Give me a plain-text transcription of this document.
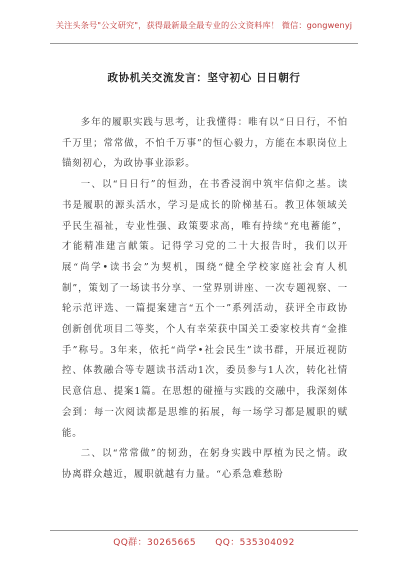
关注头条号"公文研究"，获得最新最全最专业的公文资料库！ 微信：gongwenyj
政协机关交流发言：坚守初心 日日朝行

多年的履职实践与思考，让我懂得：唯有以“日日行，不怕千万里；常常做，不怕千万事”的恒心毅力，方能在本职岗位上锚刻初心，为政协事业添彩。

一、以“日日行”的恒劲，在书香浸润中筑牢信仰之基。读书是履职的源头活水，学习是成长的阶梯基石。教卫体领域关乎民生福祉，专业性强、政策要求高，唯有持续“充电蓄能”，才能精准建言献策。记得学习党的二十大报告时，我们以开展“尚学•读书会”为契机，围绕“健全学校家庭社会育人机制”，策划了一场读书分享、一堂界别讲座、一次专题视察、一轮示范评选、一篇提案建言“五个一”系列活动，获评全市政协创新创优项目二等奖，个人有幸荣获中国关工委家校共育“金推手”称号。3年来，依托“尚学•社会民生”读书群，开展近视防控、体教融合等专题读书活动1次，委员参与1人次，转化社情民意信息、提案1篇。在思想的碰撞与实践的交融中，我深刻体会到：每一次阅读都是思维的拓展，每一场学习都是履职的赋能。

二、以“常常做”的韧劲，在躬身实践中厚植为民之情。政协离群众越近，履职就越有力量。“心系急难愁盼

QQ群：30265665 QQ：535304092
